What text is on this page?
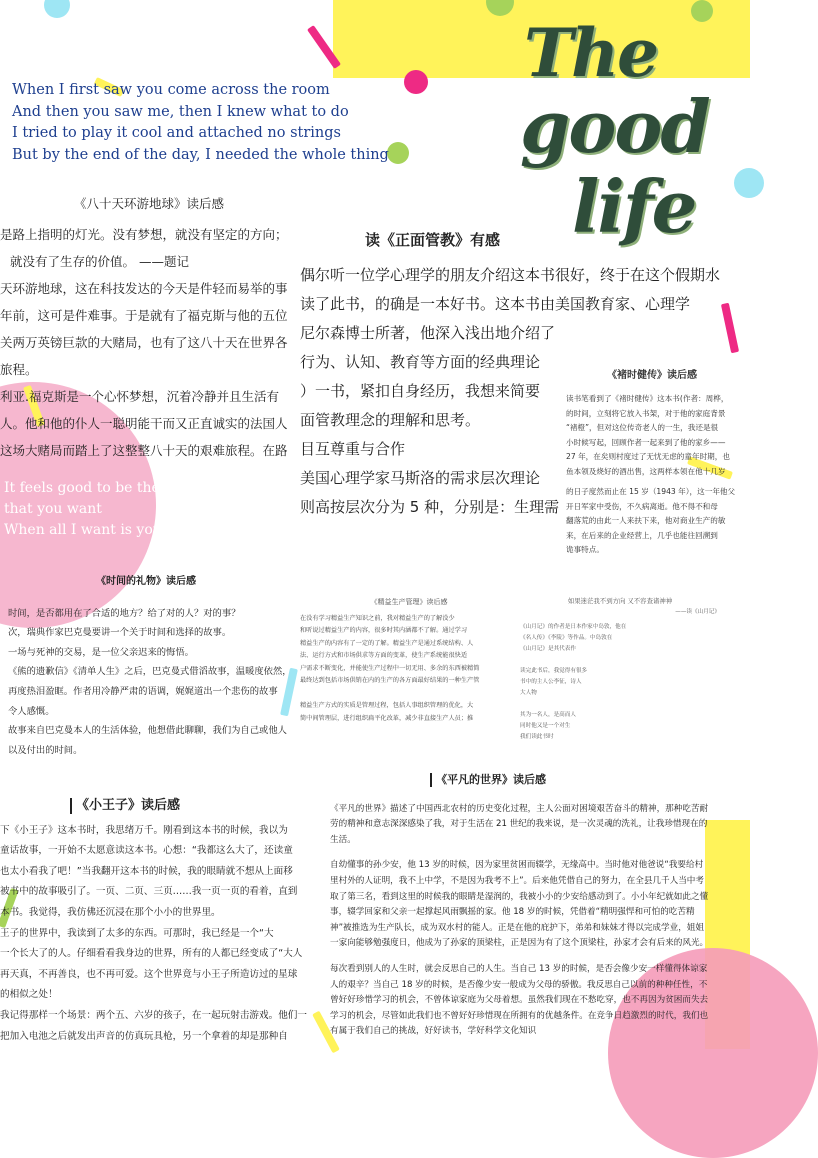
When I first saw you come across the room
And then you saw me, then I knew what to do
I tried to play it cool and attached no strings
But by the end of the day, I needed the whole thing
The
good
life
《八十天环游地球》读后感
是路上指明的灯光。没有梦想，就没有坚定的方向；
就没有了生存的价值。 ——题记
天环游地球，这在科技发达的今天是件轻而易举的事
年前，这可是件难事。于是就有了福克斯与他的五位
关两万英镑巨款的大赌局，也有了这八十天在世界各
旅程。
利亚.福克斯是一个心怀梦想，沉着冷静并且生活有
人。他和他的仆人一聪明能干而又正直诚实的法国人
这场大赌局而踏上了这整整八十天的艰难旅程。在路
It feels good to be the c
that you want
When all I want is you
读《正面管教》有感
偶尔听一位学心理学的朋友介绍这本书很好，终于在这个假期水
读了此书，的确是一本好书。这本书由美国教育家、心理学
尼尔森博士所著，他深入浅出地介绍了
行为、认知、教育等方面的经典理论
）一书，紧扣自身经历，我想来简要
面管教理念的理解和思考。
目互尊重与合作
美国心理学家马斯洛的需求层次理论
则高按层次分为 5 种，分别是：生理需
《褚时健传》读后感
读书笔看到了《褚时健传》这本书(作者：周桦，
的时间，立刻将它放入书架，对于他的家庭背景
“褚橙”，但对这位传奇老人的一生，我还是很
小时候写起，回顾作者一起来到了他的家乡——
27 年，在矣则村度过了无忧无虑的童年时期，也
鱼本领及烧好的酒出售，这两样本领在他十几岁
的日子度然而止在 15 岁（1943 年），这一年他父
开日军家中受伤，不久病离逝。他不得不和母
翻落荒的由此一人来扶下来，他对商业生产的敏
来，在后来的企业经营上，几乎也能往回溯到
诡事特点。
《时间的礼物》读后感
时间，是否都用在了合适的地方？给了对的人？对的事？
次，瑞典作家巴克曼要讲一个关于时间和选择的故事。
一场与死神的交易，是一位父亲迟来的悔悟。
《熊的遗歉信》《清单人生》之后，巴克曼式借滔故事，温暖度依然，
再度热泪盈眶。作者用冷静严肃的语调，娓娓道出一个悲伤的故事
令人感慨。
故事来自巴克曼本人的生活体验，他想借此聊聊，我们为自己或他人
以及付出的时间。
《精益生产管理》读后感
在没有学习精益生产知识之前，我对精益生产的了解没少
和听说过精益生产的内容，很多时其内涵都不了解。通过学习
精益生产的内容有了一定的了解。精益生产是通过系统结构、人
法、运行方式和市场供求等方面的变革，使生产系统能很快适
户需求不断变化，并能使生产过程中一切无用、多余的东西被精简
最终达到包括市场供销在内的生产的各方面最好结果的一种生产管
精益生产方式的实质是管理过程，包括人事组织管理的优化，大
简中间管理层，进行组织扁平化改革，减少非直接生产人员；推
如果迷茫我不到方向 又不容查诸神神
——读《山月记》
《山月记》的作者是日本作家中岛敦，他在
《名人传》《李陵》等作品。中岛敦在
《山月记》是其代表作
读完此书后，我觉得有很多
书中的主人公李征，诗人
大人物
其为一名人，是高而人
同时他又是一个对生
我们读此书时
《小王子》读后感
下《小王子》这本书时，我思绪万千。刚看到这本书的时候，我以为
童话故事，一开始不太愿意读这本书。心想：“我都这么大了，还读童
也太小看我了吧！”当我翻开这本书的时候，我的眼睛就不想从上面移
被书中的故事吸引了。一页、二页、三页……我一页一页的看着，直到
本书。我觉得，我仿佛还沉浸在那个小小的世界里。
王子的世界中，我读到了太多的东西。可那时，我已经是一个“大
一个长大了的人。仔细看看我身边的世界，所有的人都已经变成了“大人
再天真，不再善良，也不再可爱。这个世界竟与小王子所造访过的星球
的相似之处！
我记得那样一个场景：两个五、六岁的孩子，在一起玩射击游戏。他们一
把加入电池之后就发出声音的仿真玩具枪，另一个拿着的却是那种自
《平凡的世界》读后感

《平凡的世界》描述了中国西北农村的历史变化过程，主人公面对困境艰苦奋斗的精神，那种吃苦耐劳的精神和意志深深感染了我，对于生活在 21 世纪的我来说，是一次灵魂的洗礼，让我珍惜现在的生活。

自幼懂事的孙少安，他 13 岁的时候，因为家里贫困而辍学，无缘高中。当时他对他爸说“我要给村里村外的人证明，我不上中学，不是因为我考不上”。后来他凭借自己的努力，在全县几千人当中考取了第三名，看到这里的时候我的眼睛是湿润的，我被小小的少安给感动到了。小小年纪就如此之懂事，辍学回家和父亲一起撑起风雨飘摇的家。他 18 岁的时候，凭借着“精明强悍和可怕的吃苦精神”被推选为生产队长，成为双水村的能人。正是在他的庇护下，弟弟和妹妹才得以完成学业，姐姐一家向能够勉强度日，他成为了孙家的顶梁柱，正是因为有了这个顶梁柱，孙家才会有后来的风光。

每次看到别人的人生时，就会反思自己的人生。当自己 13 岁的时候，是否会像少安一样懂得体谅家人的艰辛？当自己 18 岁的时候，是否像少安一般成为父母的骄傲。我反思自己以前的种种任性，不曾好好珍惜学习的机会，不曾体谅家庭为父母着想。虽然我们现在不愁吃穿，也不再因为贫困而失去学习的机会，尽管如此我们也不曾好好珍惜现在所拥有的优越条件。在竞争日趋激烈的时代，我们也有属于我们自己的挑战，好好读书，学好科学文化知识
